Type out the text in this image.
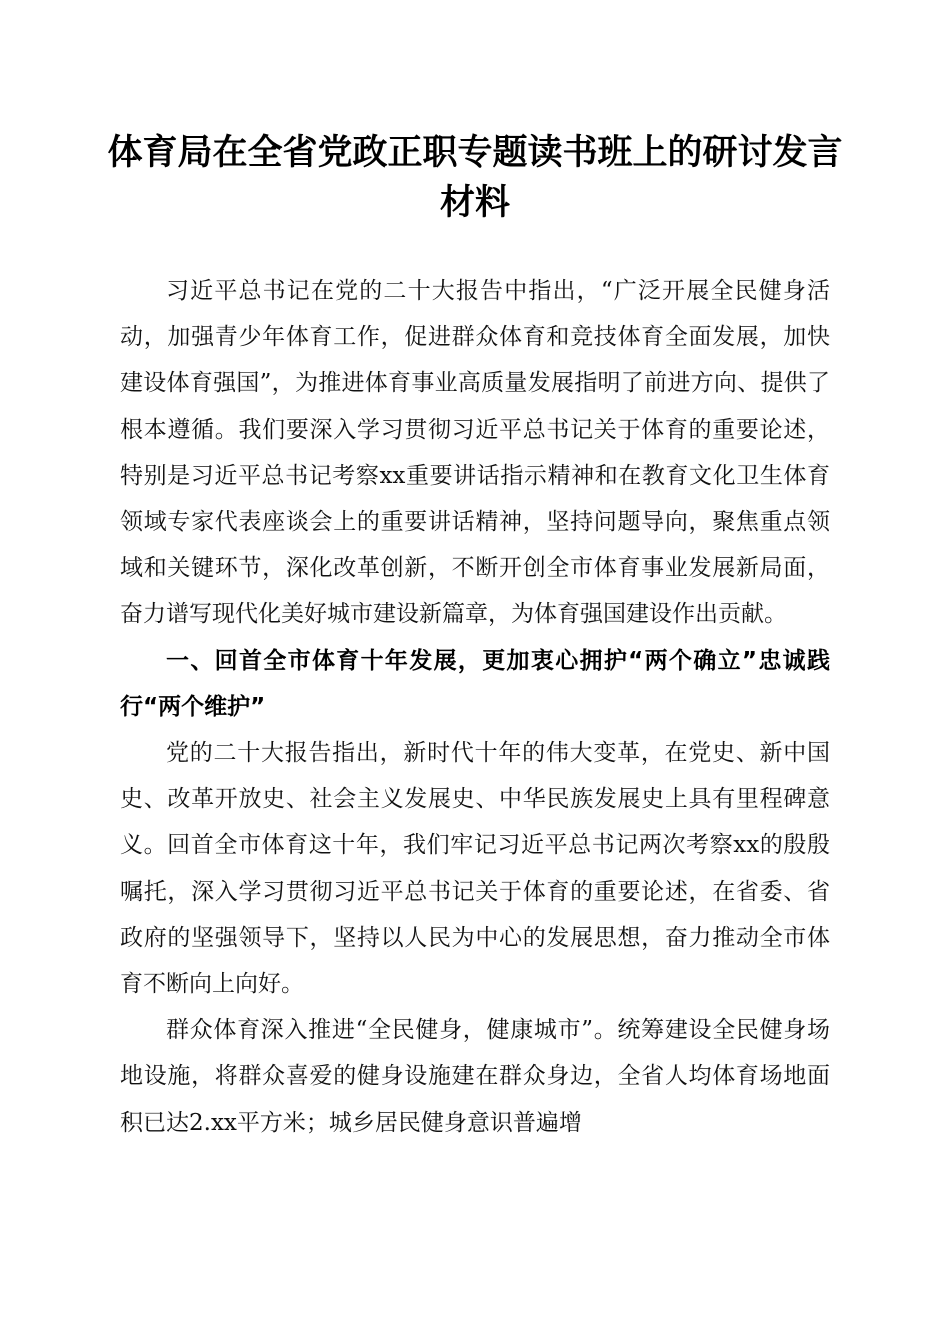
体育局在全省党政正职专题读书班上的研讨发言材料

习近平总书记在党的二十大报告中指出，“广泛开展全民健身活动，加强青少年体育工作，促进群众体育和竞技体育全面发展，加快建设体育强国”，为推进体育事业高质量发展指明了前进方向、提供了根本遵循。我们要深入学习贯彻习近平总书记关于体育的重要论述，特别是习近平总书记考察xx重要讲话指示精神和在教育文化卫生体育领域专家代表座谈会上的重要讲话精神，坚持问题导向，聚焦重点领域和关键环节，深化改革创新，不断开创全市体育事业发展新局面，奋力谱写现代化美好城市建设新篇章，为体育强国建设作出贡献。

一、回首全市体育十年发展，更加衷心拥护“两个确立”忠诚践行“两个维护”

党的二十大报告指出，新时代十年的伟大变革，在党史、新中国史、改革开放史、社会主义发展史、中华民族发展史上具有里程碑意义。回首全市体育这十年，我们牢记习近平总书记两次考察xx的殷殷嘱托，深入学习贯彻习近平总书记关于体育的重要论述，在省委、省政府的坚强领导下，坚持以人民为中心的发展思想，奋力推动全市体育不断向上向好。

群众体育深入推进“全民健身，健康城市”。统筹建设全民健身场地设施，将群众喜爱的健身设施建在群众身边，全省人均体育场地面积已达2.xx平方米；城乡居民健身意识普遍增
